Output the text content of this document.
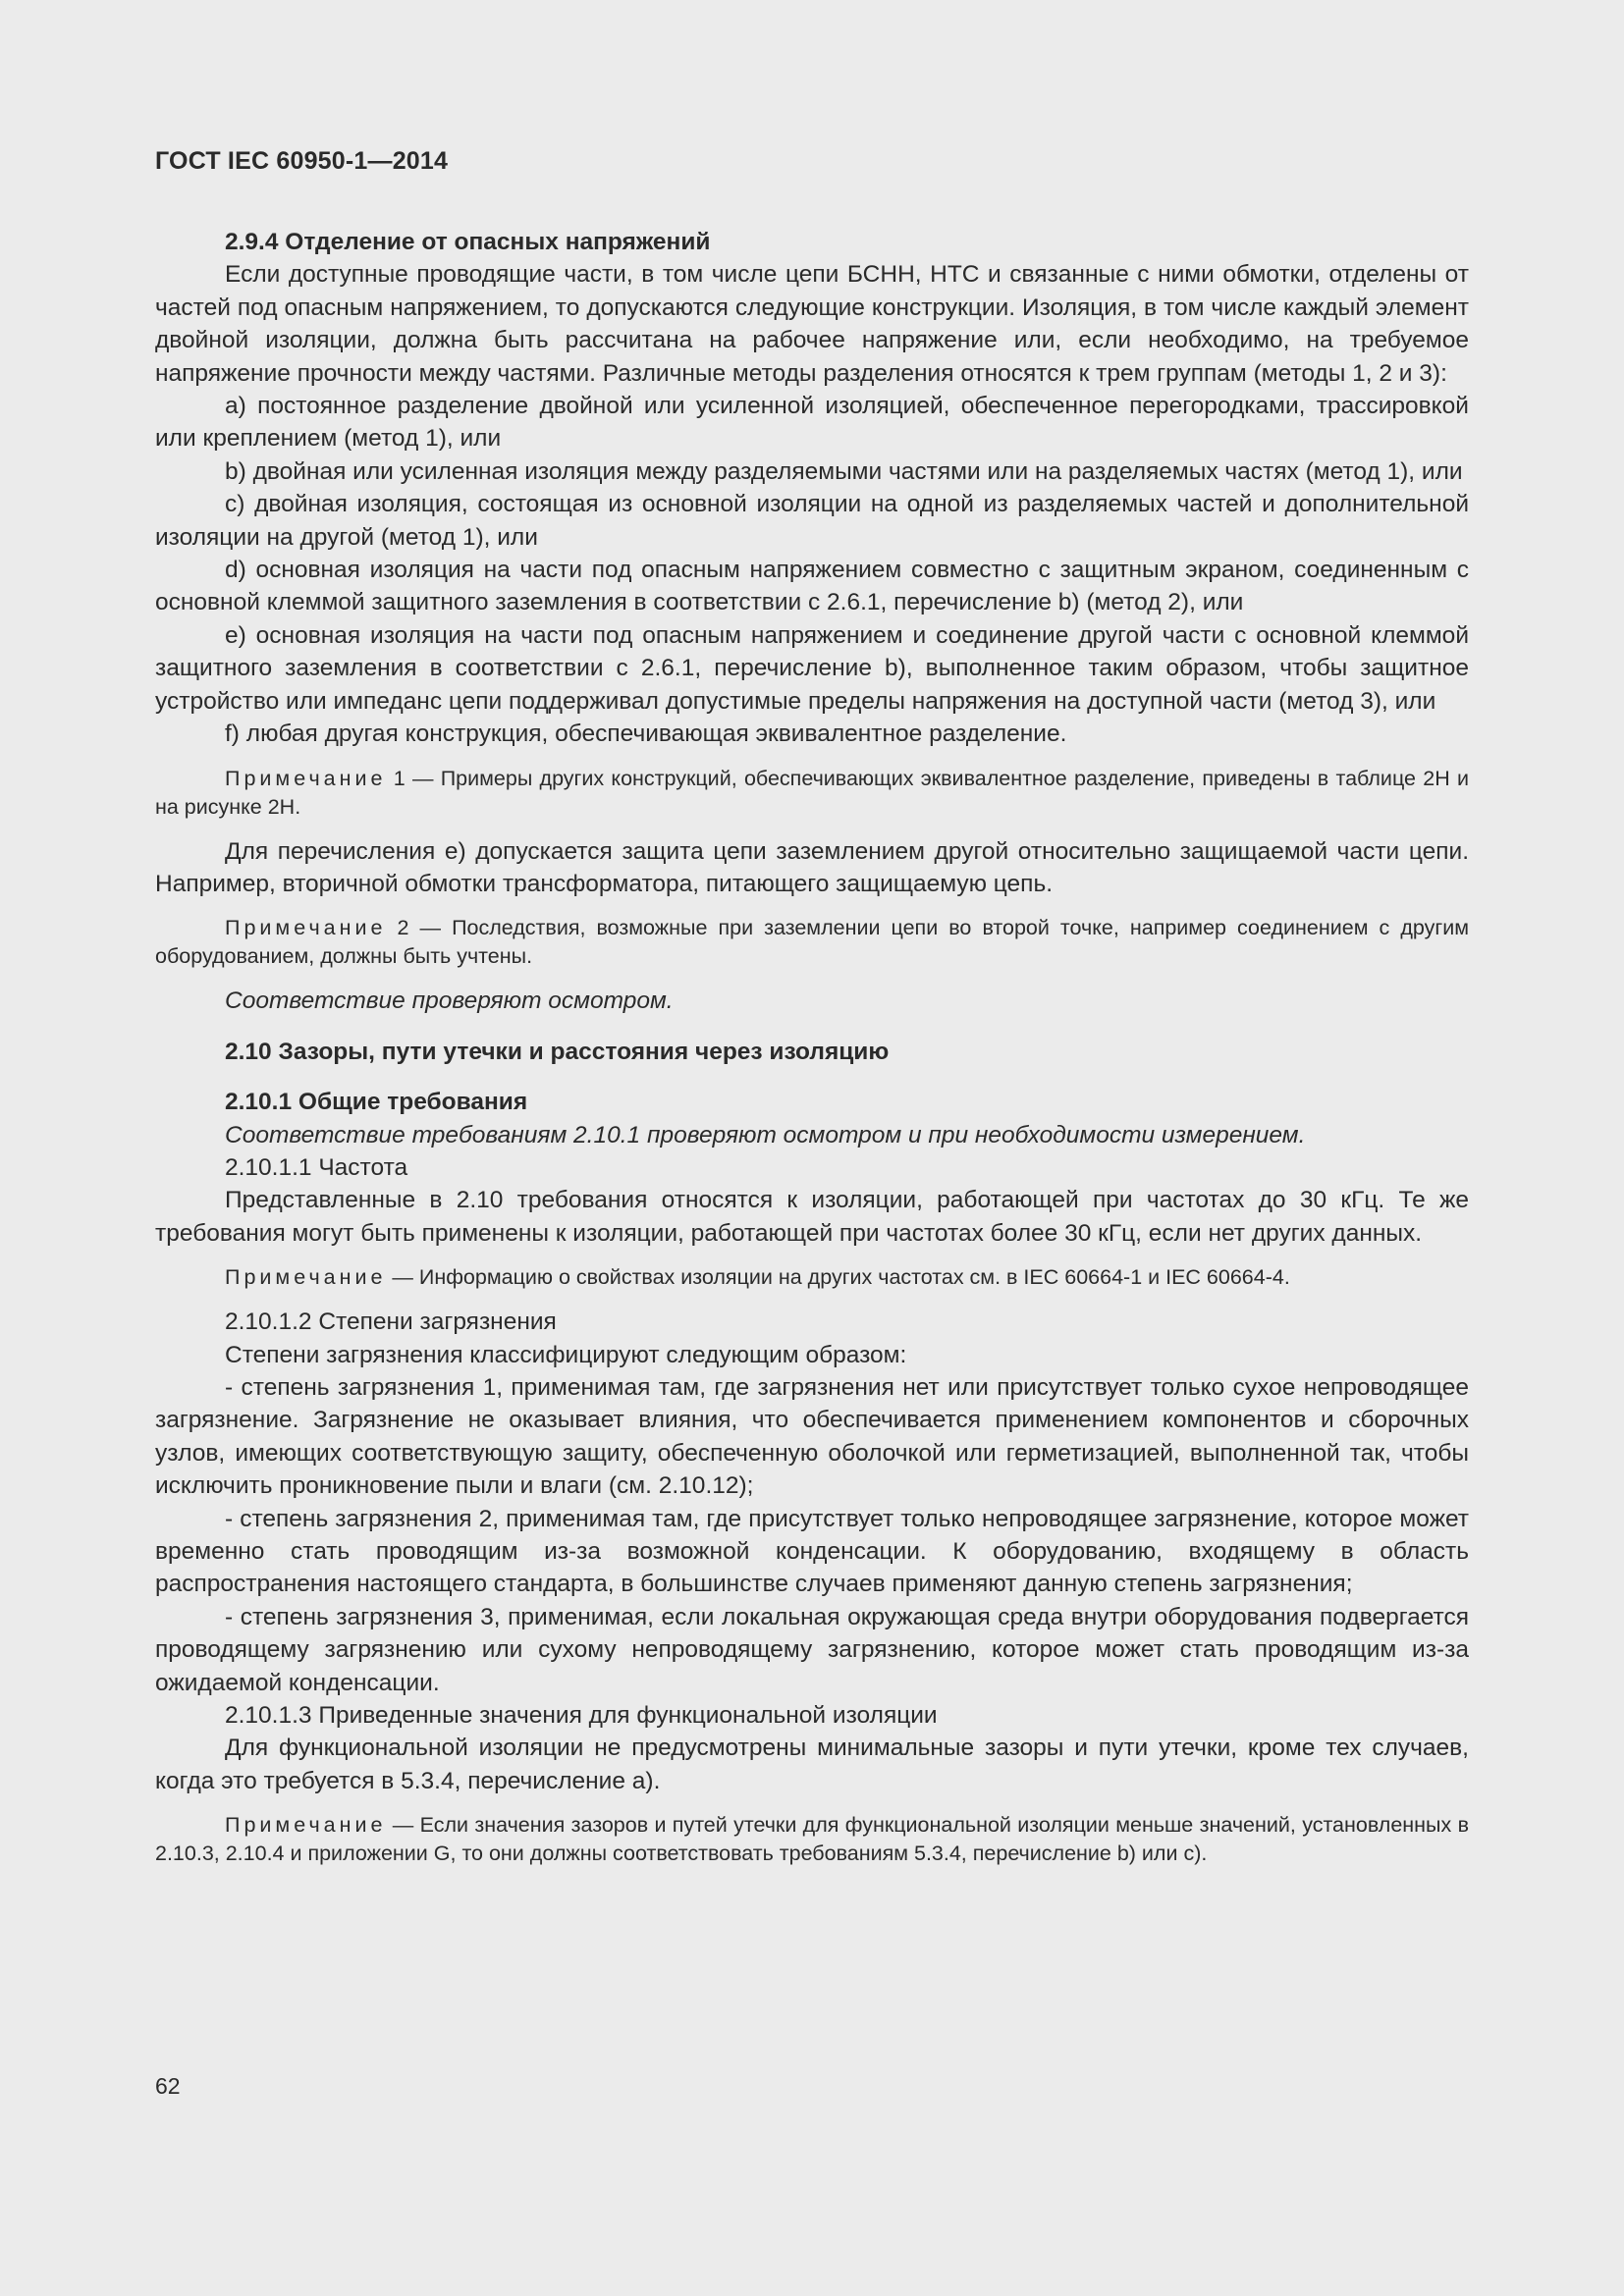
ГОСТ IEC 60950-1—2014

2.9.4 Отделение от опасных напряжений

Если доступные проводящие части, в том числе цепи БСНН, НТС и связанные с ними обмотки, отделены от частей под опасным напряжением, то допускаются следующие конструкции. Изоляция, в том числе каждый элемент двойной изоляции, должна быть рассчитана на рабочее напряжение или, если необходимо, на требуемое напряжение прочности между частями. Различные методы разделения относятся к трем группам (методы 1, 2 и 3):

a) постоянное разделение двойной или усиленной изоляцией, обеспеченное перегородками, трассировкой или креплением (метод 1), или

b) двойная или усиленная изоляция между разделяемыми частями или на разделяемых частях (метод 1), или

c) двойная изоляция, состоящая из основной изоляции на одной из разделяемых частей и дополнительной изоляции на другой (метод 1), или

d) основная изоляция на части под опасным напряжением совместно с защитным экраном, соединенным с основной клеммой защитного заземления в соответствии с 2.6.1, перечисление b) (метод 2), или

e) основная изоляция на части под опасным напряжением и соединение другой части с основной клеммой защитного заземления в соответствии с 2.6.1, перечисление b), выполненное таким образом, чтобы защитное устройство или импеданс цепи поддерживал допустимые пределы напряжения на доступной части (метод 3), или

f) любая другая конструкция, обеспечивающая эквивалентное разделение.

Примечание 1 — Примеры других конструкций, обеспечивающих эквивалентное разделение, приведены в таблице 2Н и на рисунке 2Н.

Для перечисления е) допускается защита цепи заземлением другой относительно защищаемой части цепи. Например, вторичной обмотки трансформатора, питающего защищаемую цепь.

Примечание 2 — Последствия, возможные при заземлении цепи во второй точке, например соединением с другим оборудованием, должны быть учтены.

Соответствие проверяют осмотром.

2.10 Зазоры, пути утечки и расстояния через изоляцию

2.10.1 Общие требования

Соответствие требованиям 2.10.1 проверяют осмотром и при необходимости измерением.

2.10.1.1 Частота

Представленные в 2.10 требования относятся к изоляции, работающей при частотах до 30 кГц. Те же требования могут быть применены к изоляции, работающей при частотах более 30 кГц, если нет других данных.

Примечание — Информацию о свойствах изоляции на других частотах см. в IEC 60664-1 и IEC 60664-4.

2.10.1.2 Степени загрязнения

Степени загрязнения классифицируют следующим образом:

- степень загрязнения 1, применимая там, где загрязнения нет или присутствует только сухое непроводящее загрязнение. Загрязнение не оказывает влияния, что обеспечивается применением компонентов и сборочных узлов, имеющих соответствующую защиту, обеспеченную оболочкой или герметизацией, выполненной так, чтобы исключить проникновение пыли и влаги (см. 2.10.12);

- степень загрязнения 2, применимая там, где присутствует только непроводящее загрязнение, которое может временно стать проводящим из-за возможной конденсации. К оборудованию, входящему в область распространения настоящего стандарта, в большинстве случаев применяют данную степень загрязнения;

- степень загрязнения 3, применимая, если локальная окружающая среда внутри оборудования подвергается проводящему загрязнению или сухому непроводящему загрязнению, которое может стать проводящим из-за ожидаемой конденсации.

2.10.1.3 Приведенные значения для функциональной изоляции

Для функциональной изоляции не предусмотрены минимальные зазоры и пути утечки, кроме тех случаев, когда это требуется в 5.3.4, перечисление а).

Примечание — Если значения зазоров и путей утечки для функциональной изоляции меньше значений, установленных в 2.10.3, 2.10.4 и приложении G, то они должны соответствовать требованиям 5.3.4, перечисление b) или c).

62
